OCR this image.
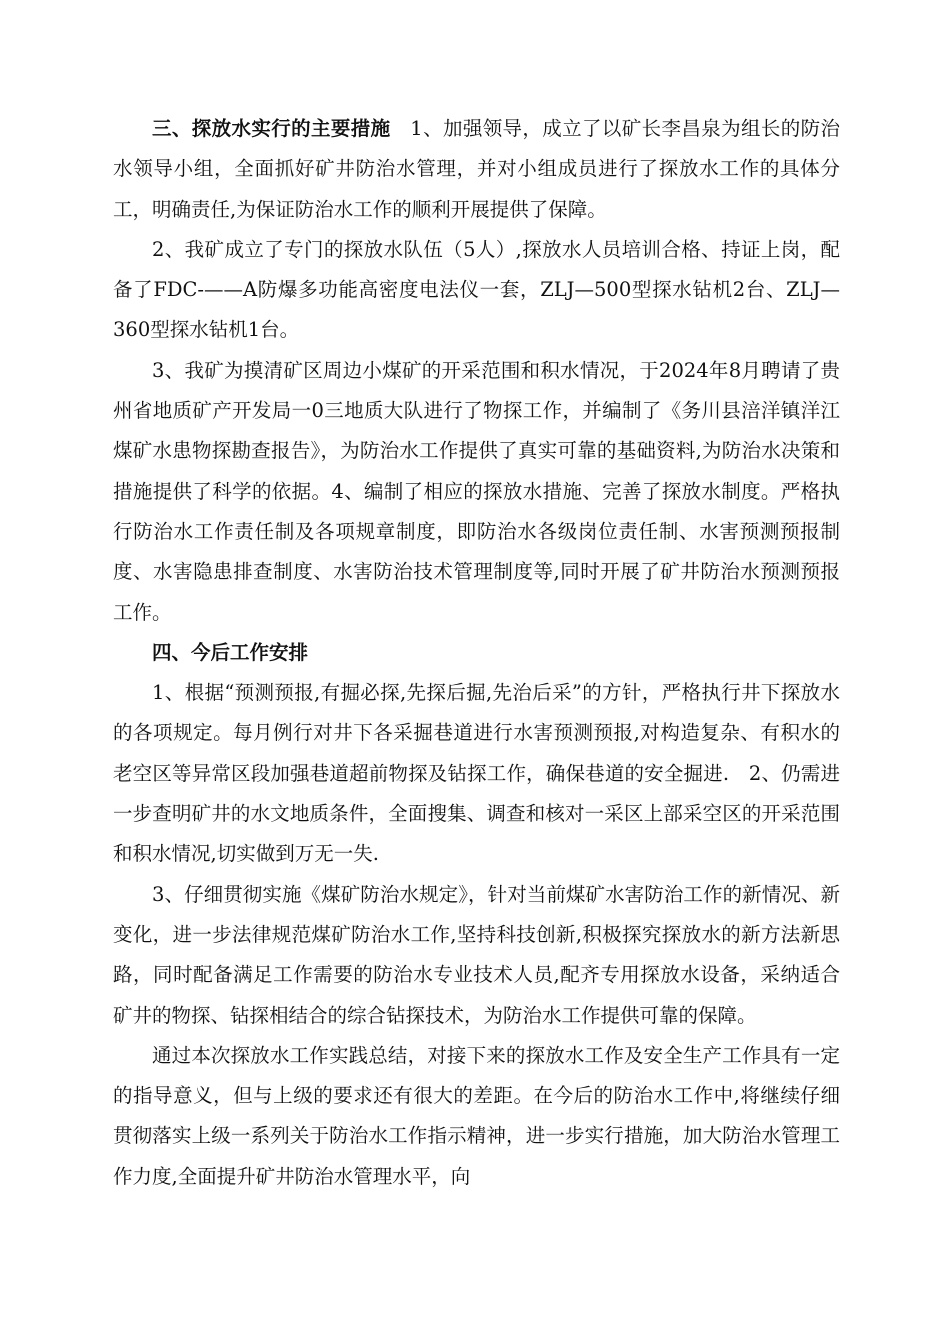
三、探放水实行的主要措施　1、加强领导，成立了以矿长李昌泉为组长的防治水领导小组，全面抓好矿井防治水管理，并对小组成员进行了探放水工作的具体分工，明确责任,为保证防治水工作的顺利开展提供了保障。

2、我矿成立了专门的探放水队伍（5人）,探放水人员培训合格、持证上岗，配备了FDC-——A防爆多功能高密度电法仪一套，ZLJ—500型探水钻机2台、ZLJ—360型探水钻机1台。

3、我矿为摸清矿区周边小煤矿的开采范围和积水情况，于2024年8月聘请了贵州省地质矿产开发局一0三地质大队进行了物探工作，并编制了《务川县涪洋镇洋江煤矿水患物探勘查报告》，为防治水工作提供了真实可靠的基础资料,为防治水决策和措施提供了科学的依据。4、编制了相应的探放水措施、完善了探放水制度。严格执行防治水工作责任制及各项规章制度，即防治水各级岗位责任制、水害预测预报制度、水害隐患排查制度、水害防治技术管理制度等,同时开展了矿井防治水预测预报工作。

四、今后工作安排

1、根据“预测预报,有掘必探,先探后掘,先治后采”的方针，严格执行井下探放水的各项规定。每月例行对井下各采掘巷道进行水害预测预报,对构造复杂、有积水的老空区等异常区段加强巷道超前物探及钻探工作，确保巷道的安全掘进.　2、仍需进一步查明矿井的水文地质条件，全面搜集、调查和核对一采区上部采空区的开采范围和积水情况,切实做到万无一失.

3、仔细贯彻实施《煤矿防治水规定》，针对当前煤矿水害防治工作的新情况、新变化，进一步法律规范煤矿防治水工作,坚持科技创新,积极探究探放水的新方法新思路，同时配备满足工作需要的防治水专业技术人员,配齐专用探放水设备，采纳适合矿井的物探、钻探相结合的综合钻探技术，为防治水工作提供可靠的保障。

通过本次探放水工作实践总结，对接下来的探放水工作及安全生产工作具有一定的指导意义，但与上级的要求还有很大的差距。在今后的防治水工作中,将继续仔细贯彻落实上级一系列关于防治水工作指示精神，进一步实行措施，加大防治水管理工作力度,全面提升矿井防治水管理水平，向
